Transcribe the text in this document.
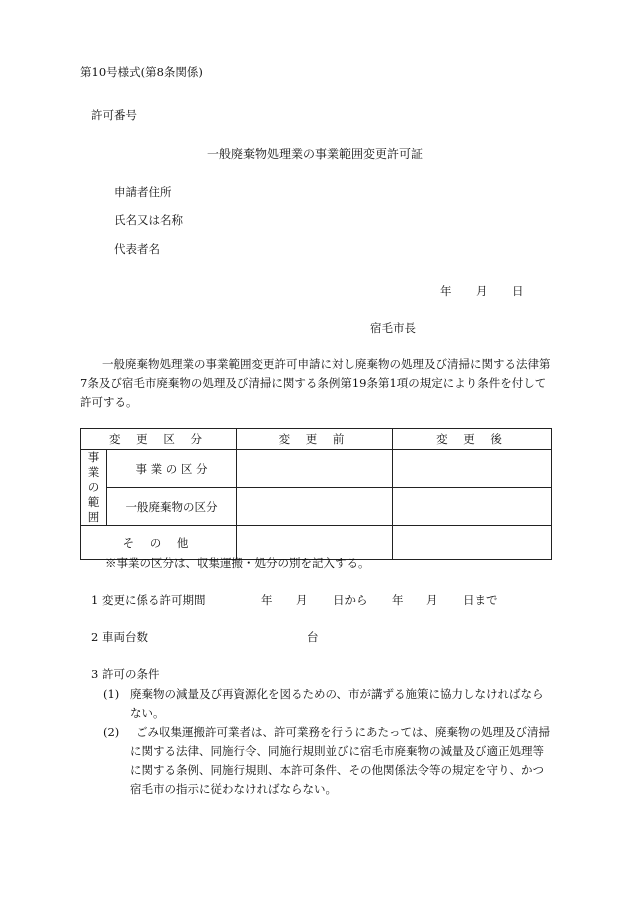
第10号様式(第8条関係)
許可番号
一般廃棄物処理業の事業範囲変更許可証
申請者住所
氏名又は名称
代表者名
年 月 日
宿毛市長
一般廃棄物処理業の事業範囲変更許可申請に対し廃棄物の処理及び清掃に関する法律第7条及び宿毛市廃棄物の処理及び清掃に関する条例第19条第1項の規定により条件を付して許可する。
変 更 区 分		変 更 前	変 更 後
事業の範囲	事 業 の 区 分		
	一般廃棄物の区分		
そ の 他			
※事業の区分は、収集運搬・処分の別を記入する。
1 変更に係る許可期間	年 月 日から 年 月 日まで
2 車両台数	台
3 許可の条件
(1) 廃棄物の減量及び再資源化を図るための、市が講ずる施策に協力しなければならない。
(2)	ごみ収集運搬許可業者は、許可業務を行うにあたっては、廃棄物の処理及び清掃に関する法律、同施行令、同施行規則並びに宿毛市廃棄物の減量及び適正処理等に関する条例、同施行規則、本許可条件、その他関係法令等の規定を守り、かつ宿毛市の指示に従わなければならない。
